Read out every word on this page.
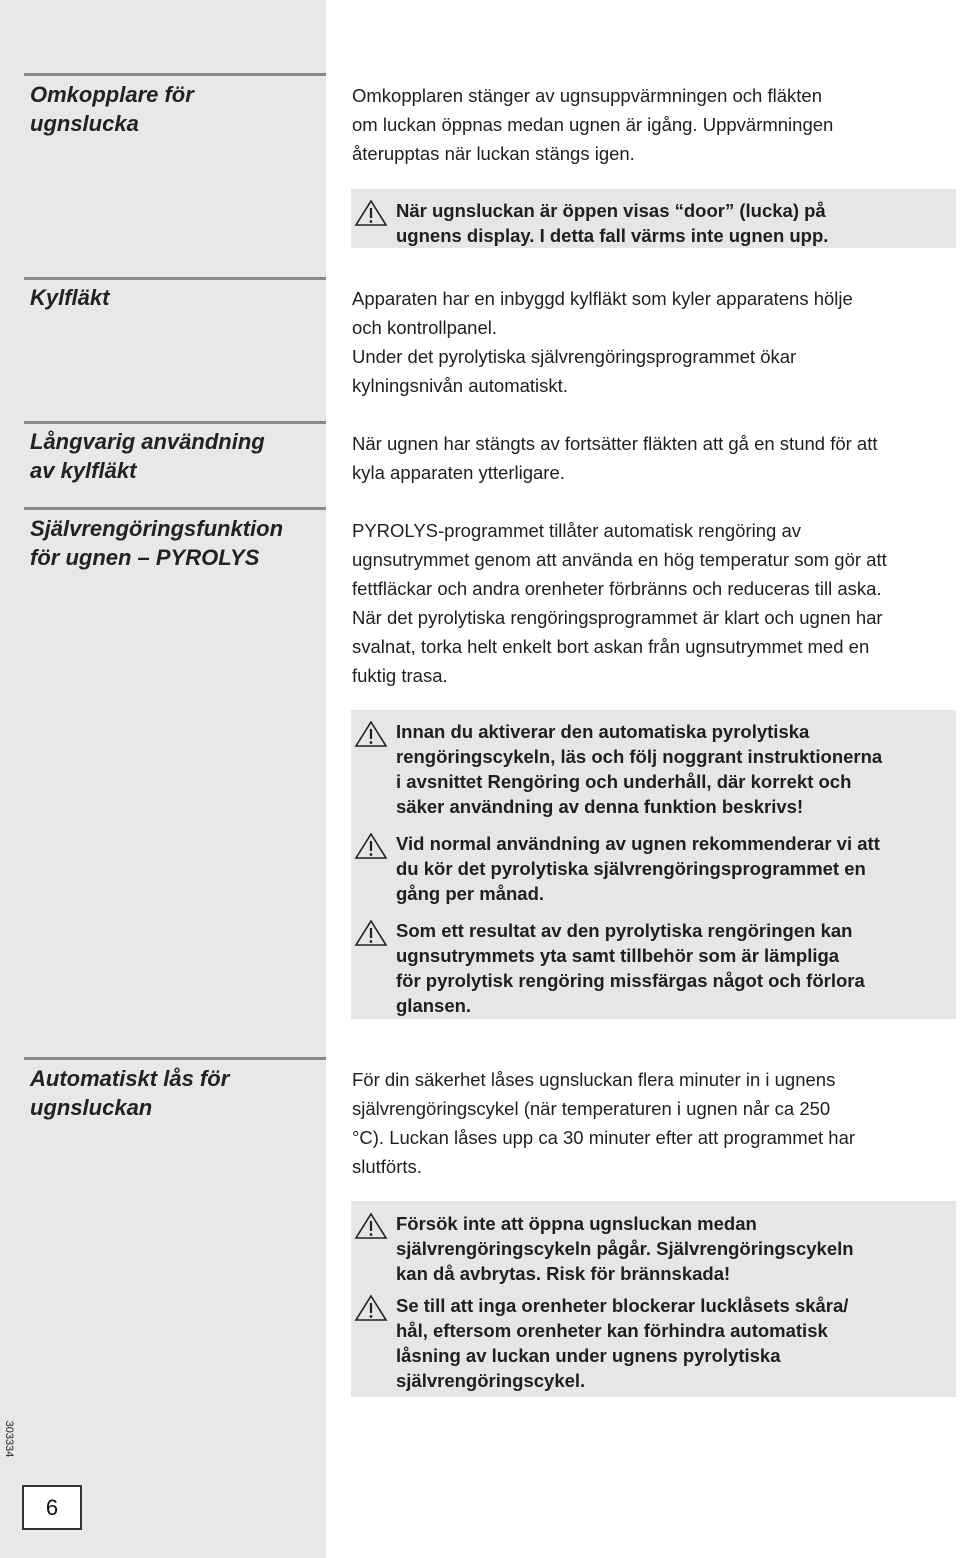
Omkopplare för
ugnslucka
Omkopplaren stänger av ugnsuppvärmningen och fläkten
om luckan öppnas medan ugnen är igång. Uppvärmningen
återupptas när luckan stängs igen.
När ugnsluckan är öppen visas “door” (lucka) på
ugnens display. I detta fall värms inte ugnen upp.
Kylfläkt	Apparaten har en inbyggd kylfläkt som kyler apparatens hölje
och kontrollpanel.
Under det pyrolytiska självrengöringsprogrammet ökar
kylningsnivån automatiskt.
Långvarig användning
av kylfläkt
När ugnen har stängts av fortsätter fläkten att gå en stund för att
kyla apparaten ytterligare.
Självrengöringsfunktion
för ugnen – PYROLYS
PYROLYS-programmet tillåter automatisk rengöring av
ugnsutrymmet genom att använda en hög temperatur som gör att
fettfläckar och andra orenheter förbränns och reduceras till aska.
När det pyrolytiska rengöringsprogrammet är klart och ugnen har
svalnat, torka helt enkelt bort askan från ugnsutrymmet med en
fuktig trasa.
Innan du aktiverar den automatiska pyrolytiska
rengöringscykeln, läs och följ noggrant instruktionerna
i avsnittet Rengöring och underhåll, där korrekt och
säker användning av denna funktion beskrivs!
Vid normal användning av ugnen rekommenderar vi att
du kör det pyrolytiska självrengöringsprogrammet en
gång per månad.
Som ett resultat av den pyrolytiska rengöringen kan
ugnsutrymmets yta samt tillbehör som är lämpliga
för pyrolytisk rengöring missfärgas något och förlora
glansen.
Automatiskt lås för
ugnsluckan
För din säkerhet låses ugnsluckan flera minuter in i ugnens
självrengöringscykel (när temperaturen i ugnen når ca 250
°C). Luckan låses upp ca 30 minuter efter att programmet har
slutförts.
Försök inte att öppna ugnsluckan medan
självrengöringscykeln pågår. Självrengöringscykeln
kan då avbrytas. Risk för brännskada!
Se till att inga orenheter blockerar lucklåsets skåra/
hål, eftersom orenheter kan förhindra automatisk
låsning av luckan under ugnens pyrolytiska
självrengöringscykel.
303334
6
